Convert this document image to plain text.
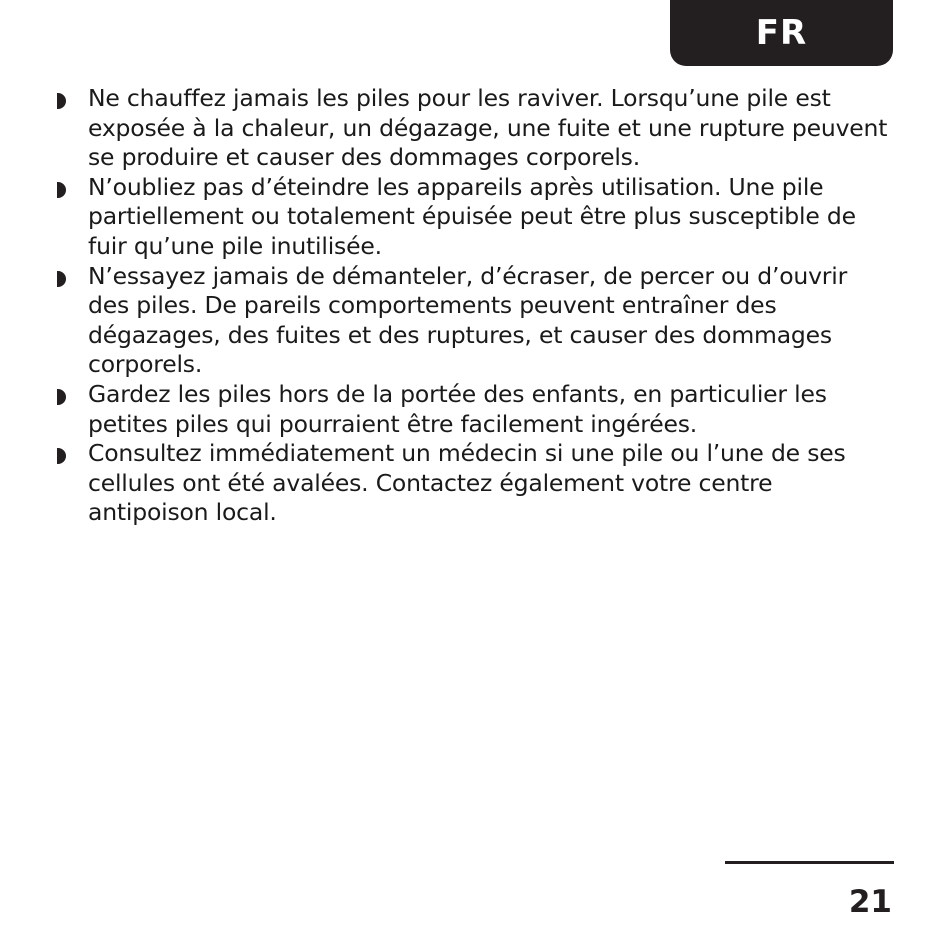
FR
Ne chauffez jamais les piles pour les raviver. Lorsqu’une pile est exposée à la chaleur, un dégazage, une fuite et une rupture peuvent se produire et causer des dommages corporels.
N’oubliez pas d’éteindre les appareils après utilisation. Une pile partiellement ou totalement épuisée peut être plus susceptible de fuir qu’une pile inutilisée.
N’essayez jamais de démanteler, d’écraser, de percer ou d’ouvrir des piles. De pareils comportements peuvent entraîner des dégazages, des fuites et des ruptures, et causer des dommages corporels.
Gardez les piles hors de la portée des enfants, en particulier les petites piles qui pourraient être facilement ingérées.
Consultez immédiatement un médecin si une pile ou l’une de ses cellules ont été avalées. Contactez également votre centre antipoison local.
21
